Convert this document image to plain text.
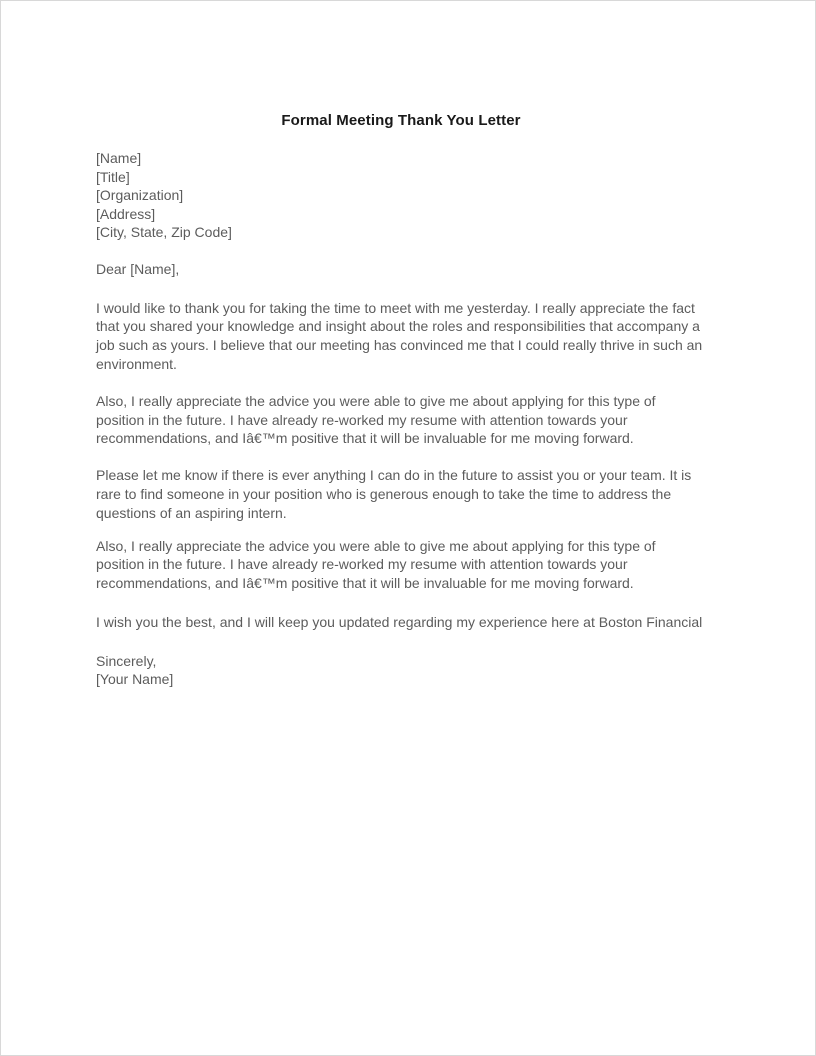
Formal Meeting Thank You Letter

[Name]

[Title]

[Organization]

[Address]

[City, State, Zip Code]

Dear [Name],

I would like to thank you for taking the time to meet with me yesterday. I really appreciate the fact that you shared your knowledge and insight about the roles and responsibilities that accompany a job such as yours. I believe that our meeting has convinced me that I could really thrive in such an environment.

Also, I really appreciate the advice you were able to give me about applying for this type of position in the future. I have already re-worked my resume with attention towards your recommendations, and Iâ€™m positive that it will be invaluable for me moving forward.

Please let me know if there is ever anything I can do in the future to assist you or your team. It is rare to find someone in your position who is generous enough to take the time to address the questions of an aspiring intern.

Also, I really appreciate the advice you were able to give me about applying for this type of position in the future. I have already re-worked my resume with attention towards your recommendations, and Iâ€™m positive that it will be invaluable for me moving forward.

I wish you the best, and I will keep you updated regarding my experience here at Boston Financial

Sincerely,

[Your Name]
